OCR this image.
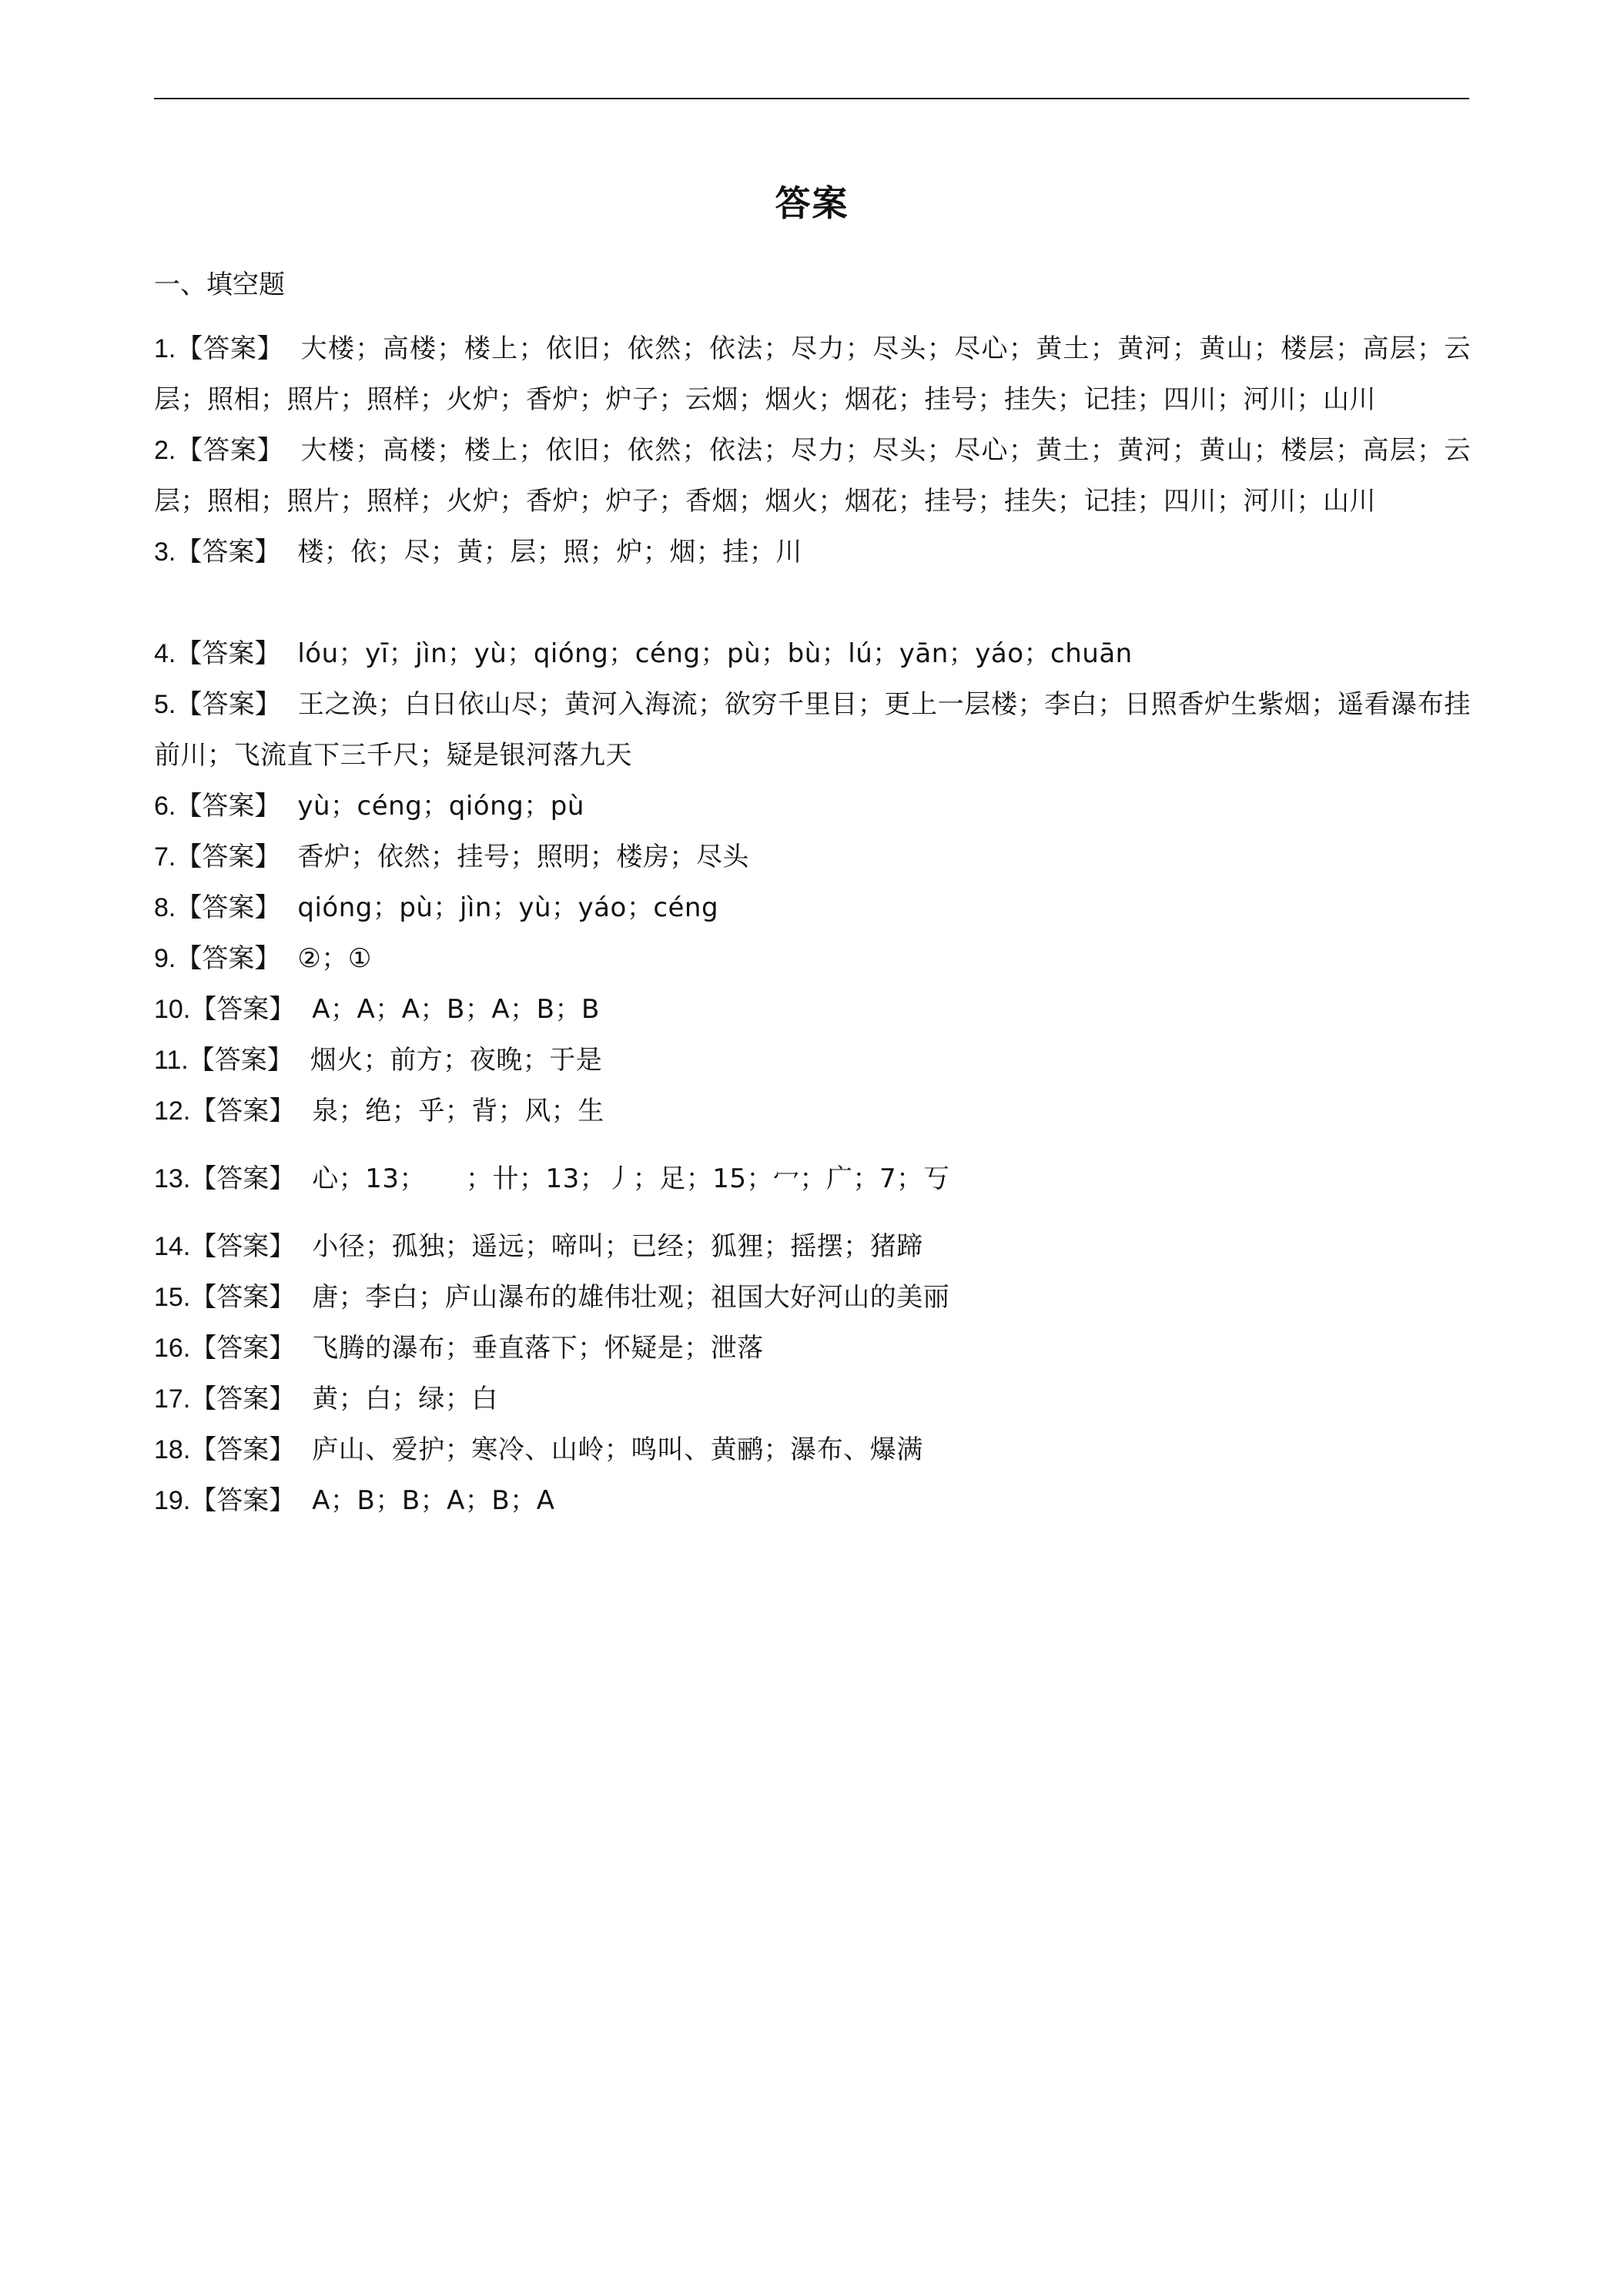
答案
一、填空题
1.【答案】 大楼；高楼；楼上；依旧；依然；依法；尽力；尽头；尽心；黄土；黄河；黄山；楼层；高层；云层；照相；照片；照样；火炉；香炉；炉子；云烟；烟火；烟花；挂号；挂失；记挂；四川；河川；山川
2.【答案】 大楼；高楼；楼上；依旧；依然；依法；尽力；尽头；尽心；黄土；黄河；黄山；楼层；高层；云层；照相；照片；照样；火炉；香炉；炉子；香烟；烟火；烟花；挂号；挂失；记挂；四川；河川；山川
3.【答案】 楼；依；尽；黄；层；照；炉；烟；挂；川
4.【答案】 lóu；yī；jìn；yù；qióng；céng；pù；bù；lú；yān；yáo；chuān
5.【答案】 王之涣；白日依山尽；黄河入海流；欲穷千里目；更上一层楼；李白；日照香炉生紫烟；遥看瀑布挂前川；飞流直下三千尺；疑是银河落九天
6.【答案】 yù；céng；qióng；pù
7.【答案】 香炉；依然；挂号；照明；楼房；尽头
8.【答案】 qióng；pù；jìn；yù；yáo；céng
9.【答案】 ②；①
10.【答案】 A；A；A；B；A；B；B
11.【答案】 烟火；前方；夜晚；于是
12.【答案】 泉；绝；乎；背；风；生
13.【答案】 心；13；　　；卄；13；丿；足；15；冖；广；7；丂
14.【答案】 小径；孤独；遥远；啼叫；已经；狐狸；摇摆；猪蹄
15.【答案】 唐；李白；庐山瀑布的雄伟壮观；祖国大好河山的美丽
16.【答案】 飞腾的瀑布；垂直落下；怀疑是；泄落
17.【答案】 黄；白；绿；白
18.【答案】 庐山、爱护；寒冷、山岭；鸣叫、黄鹂；瀑布、爆满
19.【答案】 A；B；B；A；B；A
